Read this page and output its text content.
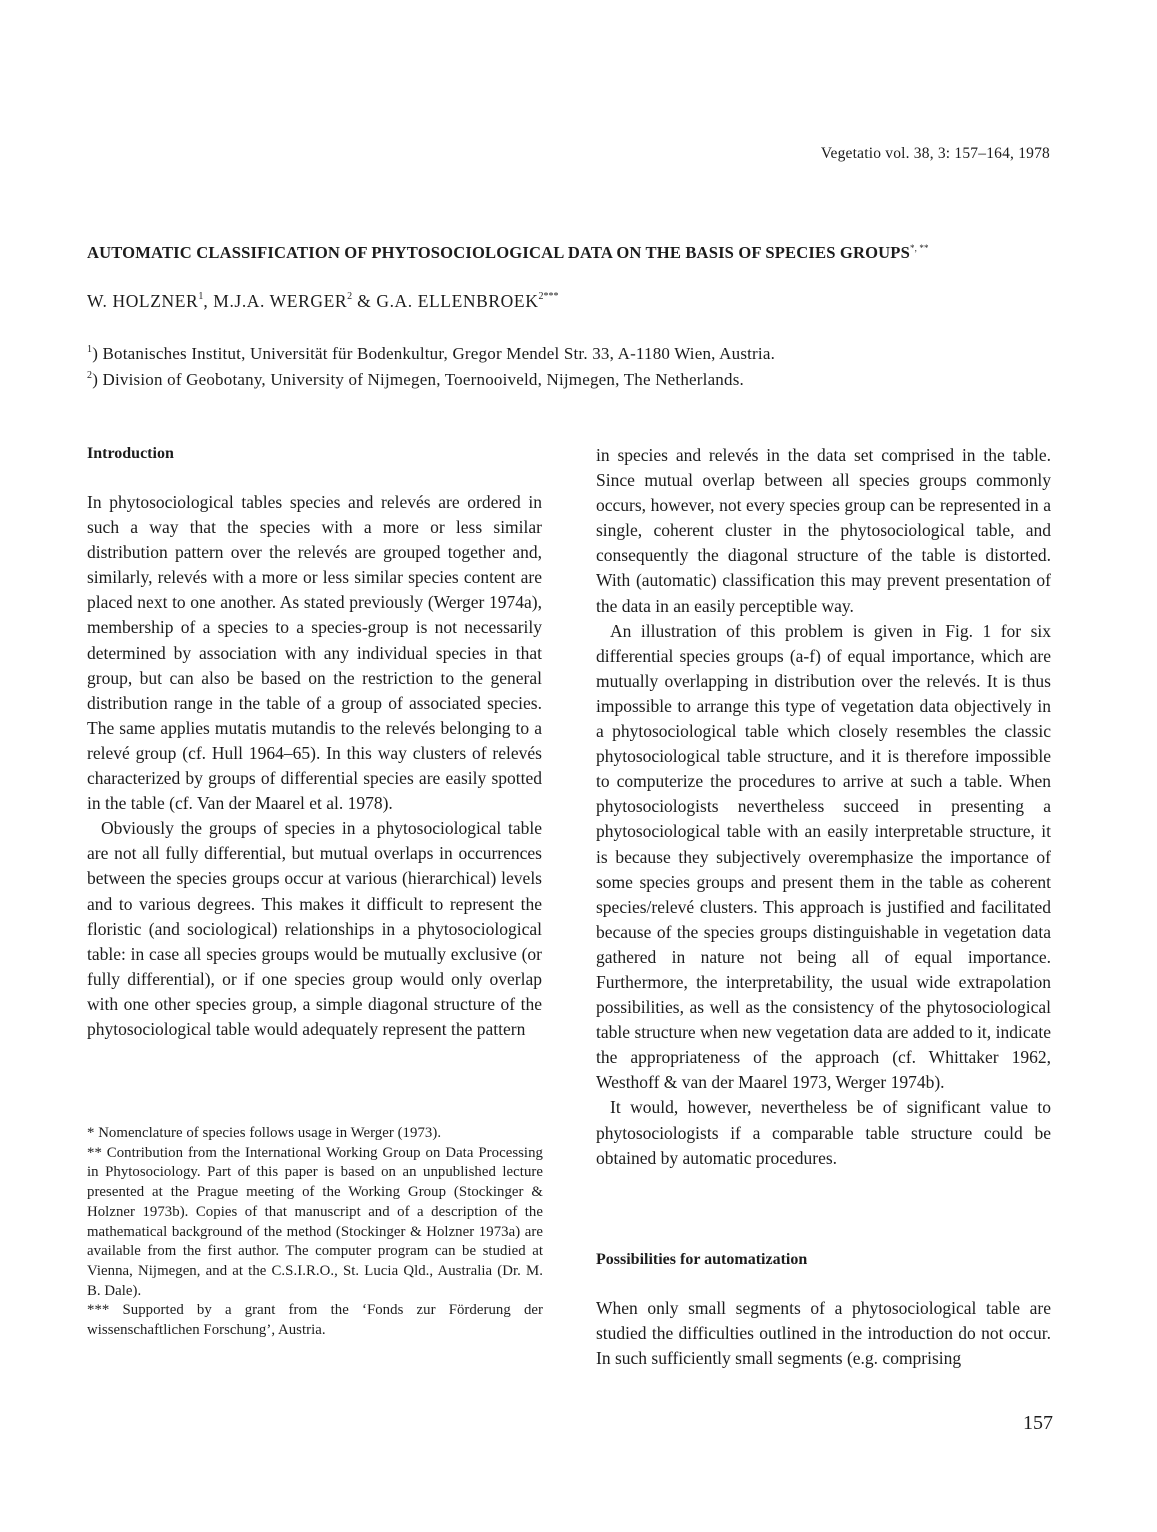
Vegetatio vol. 38, 3: 157–164, 1978
AUTOMATIC CLASSIFICATION OF PHYTOSOCIOLOGICAL DATA ON THE BASIS OF SPECIES GROUPS*, **
W. HOLZNER$^1$, M.J.A. WERGER$^2$ & G.A. $ELLENBROEK^{2***}$
$^1$) Botanisches Institut, Universität für Bodenkultur, Gregor Mendel Str. 33, A-1180 Wien, Austria.
$^2$) Division of Geobotany, University of Nijmegen, Toernooiveld, Nijmegen, The Netherlands.
Introduction

In phytosociological tables species and relevés are ordered in such a way that the species with a more or less similar distribution pattern over the relevés are grouped together and, similarly, relevés with a more or less similar species content are placed next to one another. As stated previously (Werger 1974a), membership of a species to a species-group is not necessarily determined by association with any individual species in that group, but can also be based on the restriction to the general distribution range in the table of a group of associated species. The same applies mutatis mutandis to the relevés belonging to a relevé group (cf. Hull 1964–65). In this way clusters of relevés characterized by groups of differential species are easily spotted in the table (cf. Van der Maarel et al. 1978).

Obviously the groups of species in a phytosociological table are not all fully differential, but mutual overlaps in occurrences between the species groups occur at various (hierarchical) levels and to various degrees. This makes it difficult to represent the floristic (and sociological) relationships in a phytosociological table: in case all species groups would be mutually exclusive (or fully differential), or if one species group would only overlap with one other species group, a simple diagonal structure of the phytosociological table would adequately represent the pattern

* Nomenclature of species follows usage in Werger (1973).

** Contribution from the International Working Group on Data Processing in Phytosociology. Part of this paper is based on an unpublished lecture presented at the Prague meeting of the Working Group (Stockinger & Holzner 1973b). Copies of that manuscript and of a description of the mathematical background of the method (Stockinger & Holzner 1973a) are available from the first author. The computer program can be studied at Vienna, Nijmegen, and at the C.S.I.R.O., St. Lucia Qld., Australia (Dr. M. B. Dale).

*** Supported by a grant from the ‘Fonds zur Förderung der wissenschaftlichen Forschung’, Austria.

in species and relevés in the data set comprised in the table. Since mutual overlap between all species groups commonly occurs, however, not every species group can be represented in a single, coherent cluster in the phytosociological table, and consequently the diagonal structure of the table is distorted. With (automatic) classification this may prevent presentation of the data in an easily perceptible way.

An illustration of this problem is given in Fig. 1 for six differential species groups (a-f) of equal importance, which are mutually overlapping in distribution over the relevés. It is thus impossible to arrange this type of vegetation data objectively in a phytosociological table which closely resembles the classic phytosociological table structure, and it is therefore impossible to computerize the procedures to arrive at such a table. When phytosociologists nevertheless succeed in presenting a phytosociological table with an easily interpretable structure, it is because they subjectively overemphasize the importance of some species groups and present them in the table as coherent species/relevé clusters. This approach is justified and facilitated because of the species groups distinguishable in vegetation data gathered in nature not being all of equal importance. Furthermore, the interpretability, the usual wide extrapolation possibilities, as well as the consistency of the phytosociological table structure when new vegetation data are added to it, indicate the appropriateness of the approach (cf. Whittaker 1962, Westhoff & van der Maarel 1973, Werger 1974b).

It would, however, nevertheless be of significant value to phytosociologists if a comparable table structure could be obtained by automatic procedures.

Possibilities for automatization

When only small segments of a phytosociological table are studied the difficulties outlined in the introduction do not occur. In such sufficiently small segments (e.g. comprising

157
